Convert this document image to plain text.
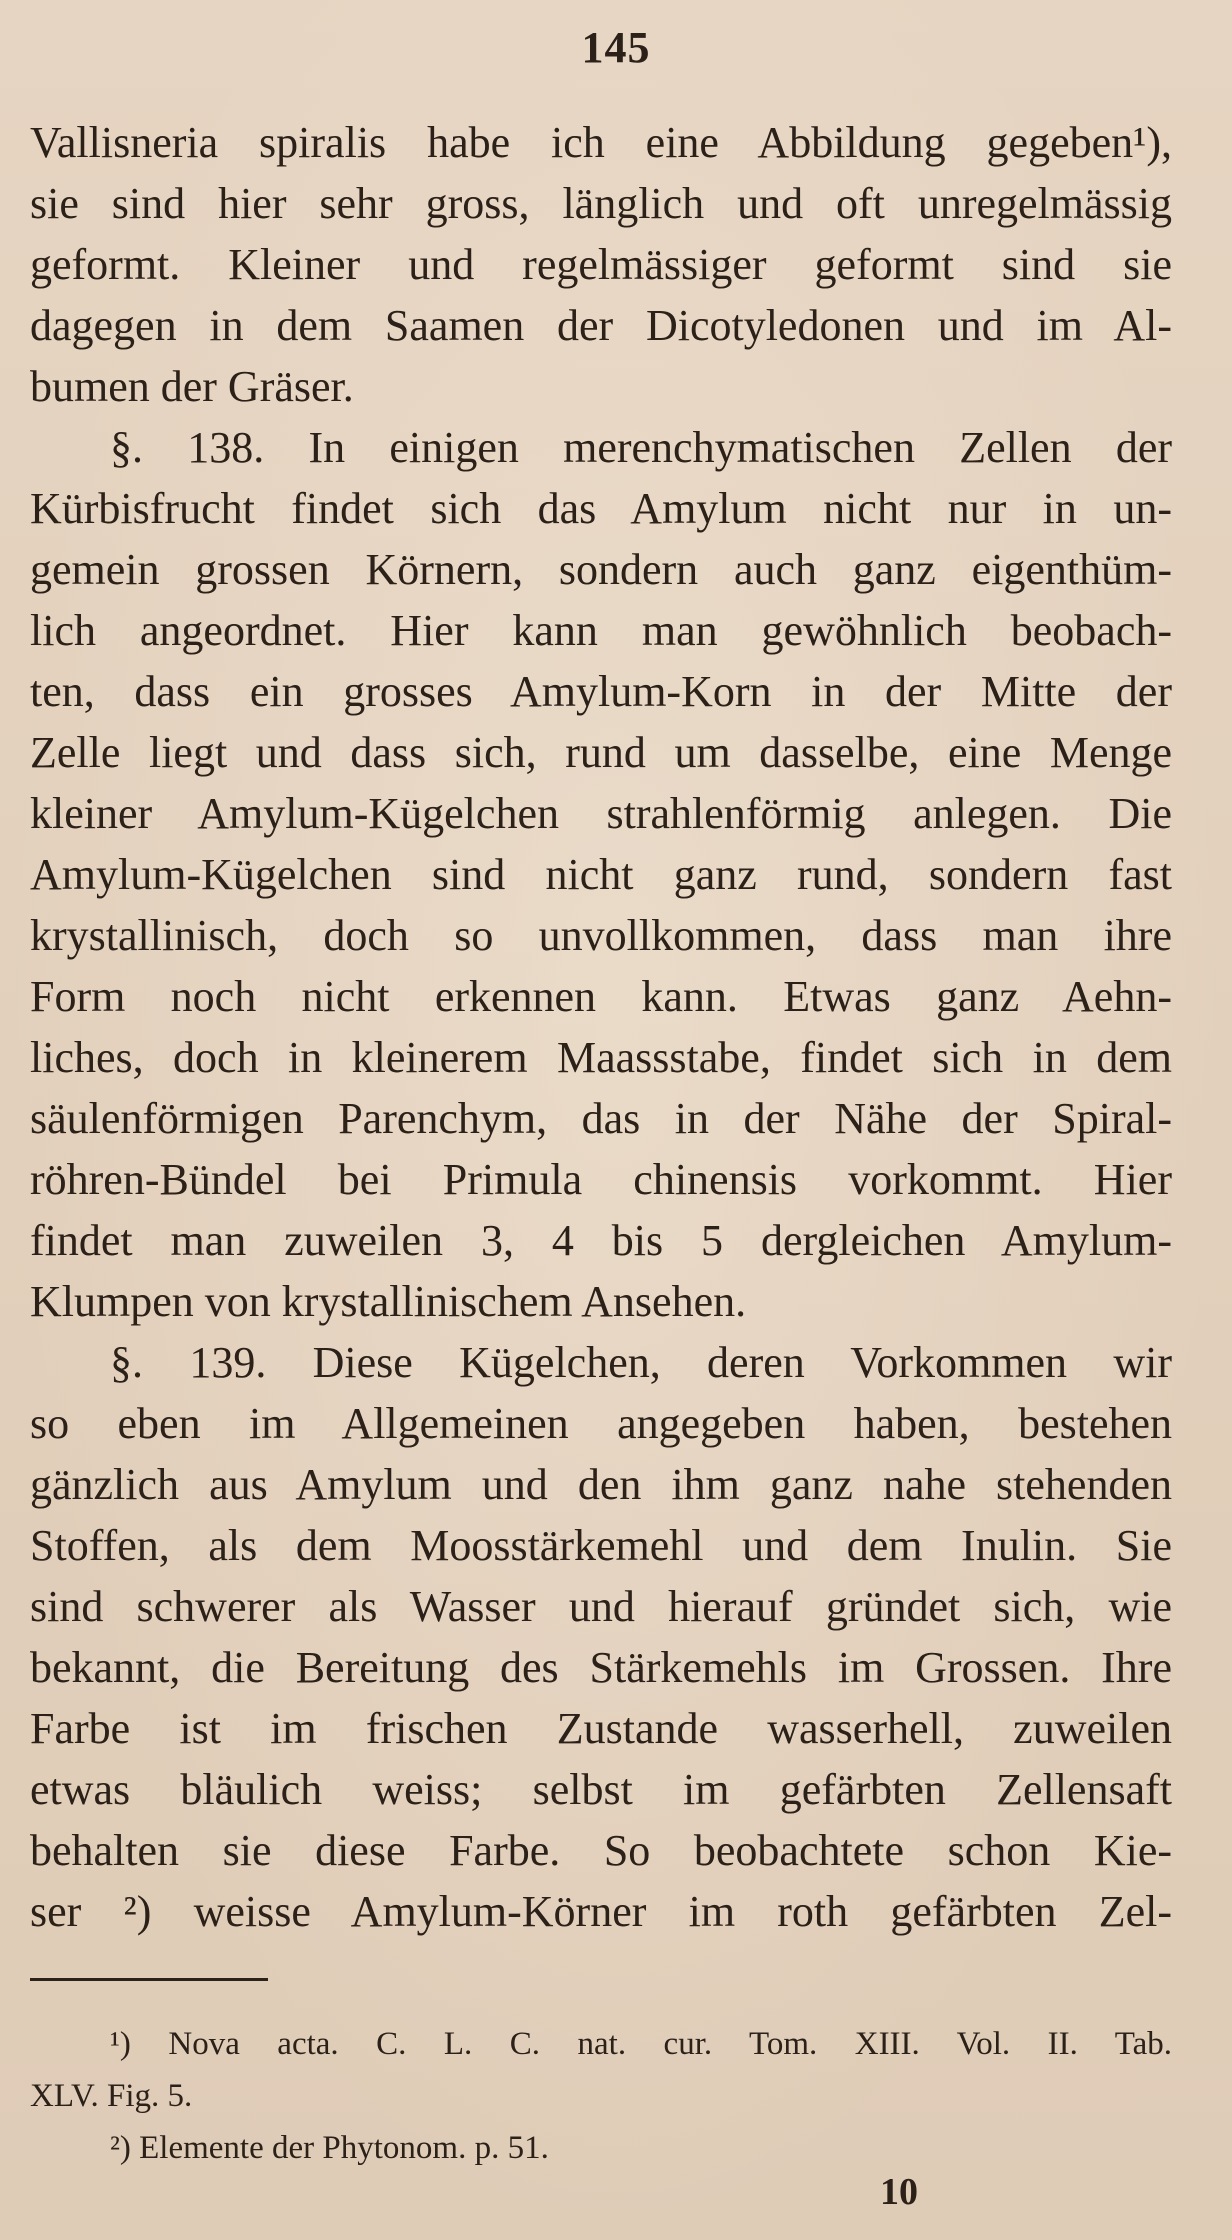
145
Vallisneria spiralis habe ich eine Abbildung gegeben¹),
sie sind hier sehr gross, länglich und oft unregelmässig
geformt. Kleiner und regelmässiger geformt sind sie
dagegen in dem Saamen der Dicotyledonen und im Al-
bumen der Gräser.
§. 138. In einigen merenchymatischen Zellen der
Kürbisfrucht findet sich das Amylum nicht nur in un-
gemein grossen Körnern, sondern auch ganz eigenthüm-
lich angeordnet. Hier kann man gewöhnlich beobach-
ten, dass ein grosses Amylum-Korn in der Mitte der
Zelle liegt und dass sich, rund um dasselbe, eine Menge
kleiner Amylum-Kügelchen strahlenförmig anlegen. Die
Amylum-Kügelchen sind nicht ganz rund, sondern fast
krystallinisch, doch so unvollkommen, dass man ihre
Form noch nicht erkennen kann. Etwas ganz Aehn-
liches, doch in kleinerem Maassstabe, findet sich in dem
säulenförmigen Parenchym, das in der Nähe der Spiral-
röhren-Bündel bei Primula chinensis vorkommt. Hier
findet man zuweilen 3, 4 bis 5 dergleichen Amylum-
Klumpen von krystallinischem Ansehen.
§. 139. Diese Kügelchen, deren Vorkommen wir
so eben im Allgemeinen angegeben haben, bestehen
gänzlich aus Amylum und den ihm ganz nahe stehenden
Stoffen, als dem Moosstärkemehl und dem Inulin. Sie
sind schwerer als Wasser und hierauf gründet sich, wie
bekannt, die Bereitung des Stärkemehls im Grossen. Ihre
Farbe ist im frischen Zustande wasserhell, zuweilen
etwas bläulich weiss; selbst im gefärbten Zellensaft
behalten sie diese Farbe. So beobachtete schon Kie-
ser ²) weisse Amylum-Körner im roth gefärbten Zel-
¹) Nova acta. C. L. C. nat. cur. Tom. XIII. Vol. II. Tab.
XLV. Fig. 5.
²) Elemente der Phytonom. p. 51.
10
